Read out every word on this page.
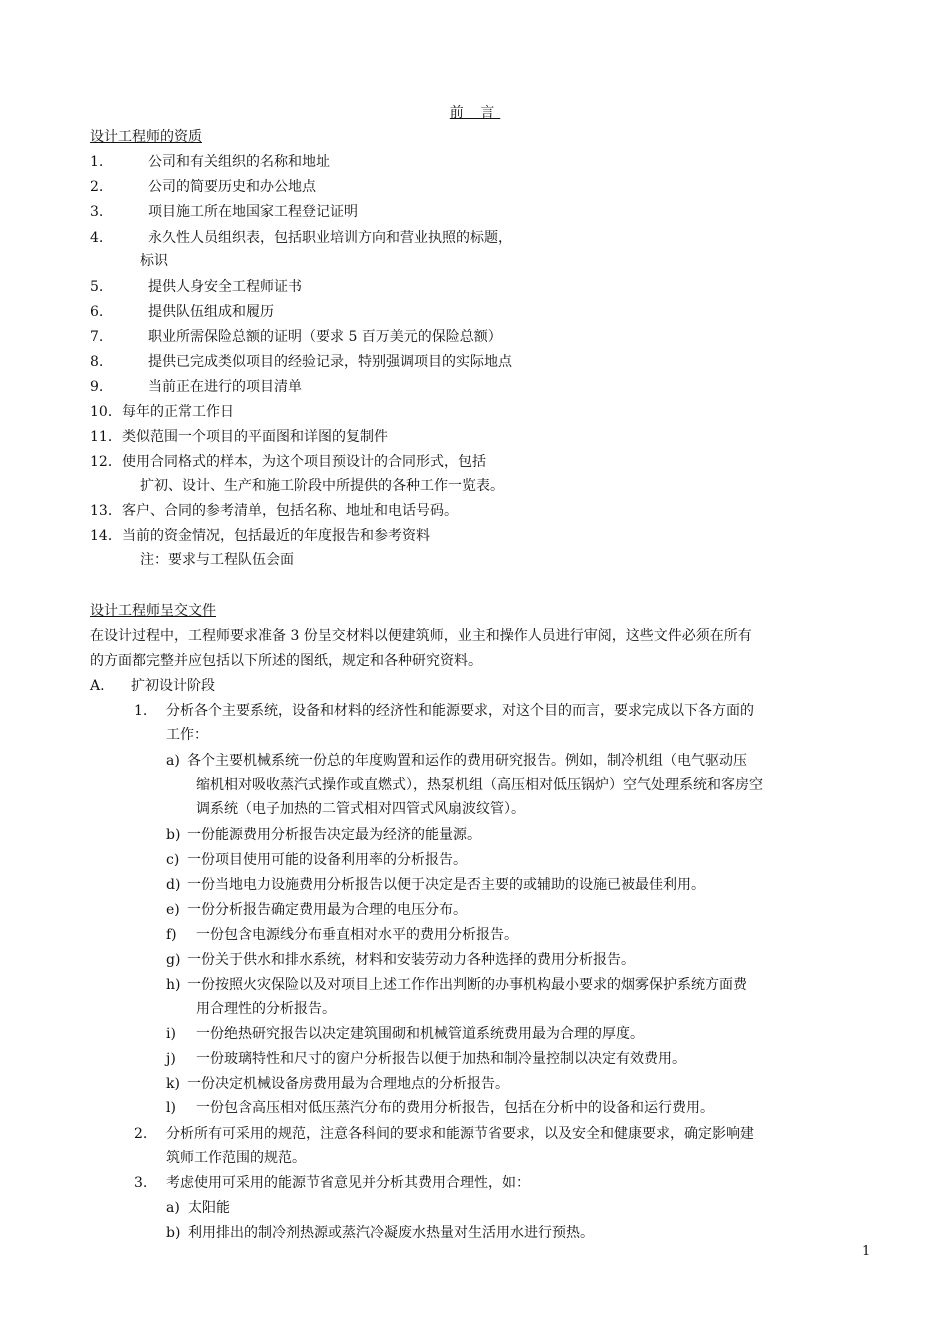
前 言
设计工程师的资质
1.	公司和有关组织的名称和地址
2.	公司的简要历史和办公地点
3.	项目施工所在地国家工程登记证明
4.	永久性人员组织表，包括职业培训方向和营业执照的标题，
标识
5.	提供人身安全工程师证书
6.	提供队伍组成和履历
7.	职业所需保险总额的证明（要求 5 百万美元的保险总额）
8.	提供已完成类似项目的经验记录，特别强调项目的实际地点
9.	当前正在进行的项目清单
10． 每年的正常工作日
11． 类似范围一个项目的平面图和详图的复制件
12． 使用合同格式的样本，为这个项目预设计的合同形式，包括
扩初、设计、生产和施工阶段中所提供的各种工作一览表。
13． 客户、合同的参考清单，包括名称、地址和电话号码。
14． 当前的资金情况，包括最近的年度报告和参考资料
注：要求与工程队伍会面
设计工程师呈交文件
在设计过程中，工程师要求准备 3 份呈交材料以便建筑师，业主和操作人员进行审阅，这些文件必须在所有
的方面都完整并应包括以下所述的图纸，规定和各种研究资料。
A. 扩初设计阶段
1. 分析各个主要系统，设备和材料的经济性和能源要求，对这个目的而言，要求完成以下各方面的
工作：
a) 各个主要机械系统一份总的年度购置和运作的费用研究报告。例如，制冷机组（电气驱动压
缩机相对吸收蒸汽式操作或直燃式），热泵机组（高压相对低压锅炉）空气处理系统和客房空
调系统（电子加热的二管式相对四管式风扇波纹管）。
b) 一份能源费用分析报告决定最为经济的能量源。
c) 一份项目使用可能的设备利用率的分析报告。
d) 一份当地电力设施费用分析报告以便于决定是否主要的或辅助的设施已被最佳利用。
e) 一份分析报告确定费用最为合理的电压分布。
f) 一份包含电源线分布垂直相对水平的费用分析报告。
g) 一份关于供水和排水系统，材料和安装劳动力各种选择的费用分析报告。
h) 一份按照火灾保险以及对项目上述工作作出判断的办事机构最小要求的烟雾保护系统方面费
用合理性的分析报告。
i) 一份绝热研究报告以决定建筑围砌和机械管道系统费用最为合理的厚度。
j) 一份玻璃特性和尺寸的窗户分析报告以便于加热和制冷量控制以决定有效费用。
k) 一份决定机械设备房费用最为合理地点的分析报告。
l) 一份包含高压相对低压蒸汽分布的费用分析报告，包括在分析中的设备和运行费用。
2. 分析所有可采用的规范，注意各科间的要求和能源节省要求，以及安全和健康要求，确定影响建
筑师工作范围的规范。
3. 考虑使用可采用的能源节省意见并分析其费用合理性，如：
a) 太阳能
b) 利用排出的制冷剂热源或蒸汽冷凝废水热量对生活用水进行预热。
1
